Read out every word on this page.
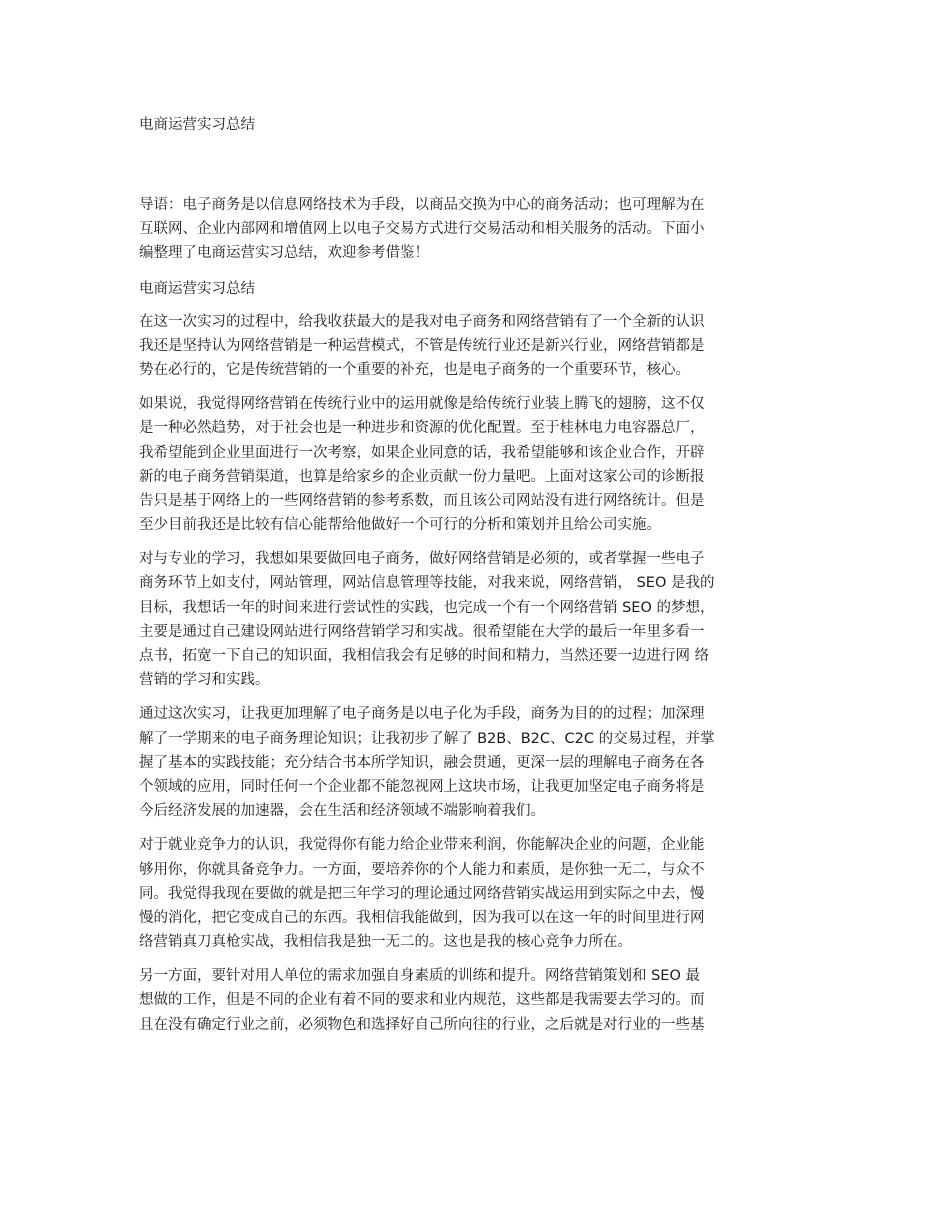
电商运营实习总结
导语：电子商务是以信息网络技术为手段，以商品交换为中心的商务活动；也可理解为在
互联网、企业内部网和增值网上以电子交易方式进行交易活动和相关服务的活动。下面小
编整理了电商运营实习总结，欢迎参考借鉴！
电商运营实习总结
在这一次实习的过程中，给我收获最大的是我对电子商务和网络营销有了一个全新的认识
我还是坚持认为网络营销是一种运营模式，不管是传统行业还是新兴行业，网络营销都是
势在必行的，它是传统营销的一个重要的补充，也是电子商务的一个重要环节，核心。
如果说，我觉得网络营销在传统行业中的运用就像是给传统行业装上腾飞的翅膀，这不仅
是一种必然趋势，对于社会也是一种进步和资源的优化配置。至于桂林电力电容器总厂，
我希望能到企业里面进行一次考察，如果企业同意的话，我希望能够和该企业合作，开辟
新的电子商务营销渠道，也算是给家乡的企业贡献一份力量吧。上面对这家公司的诊断报
告只是基于网络上的一些网络营销的参考系数，而且该公司网站没有进行网络统计。但是
至少目前我还是比较有信心能帮给他做好一个可行的分析和策划并且给公司实施。
对与专业的学习，我想如果要做回电子商务，做好网络营销是必须的，或者掌握一些电子
商务环节上如支付，网站管理，网站信息管理等技能，对我来说，网络营销， SEO 是我的
目标，我想话一年的时间来进行尝试性的实践，也完成一个有一个网络营销 SEO 的梦想，
主要是通过自己建设网站进行网络营销学习和实战。很希望能在大学的最后一年里多看一
点书，拓宽一下自己的知识面，我相信我会有足够的时间和精力，当然还要一边进行网 络
营销的学习和实践。
通过这次实习，让我更加理解了电子商务是以电子化为手段，商务为目的的过程；加深理
解了一学期来的电子商务理论知识；让我初步了解了 B2B、B2C、C2C 的交易过程，并掌
握了基本的实践技能；充分结合书本所学知识，融会贯通，更深一层的理解电子商务在各
个领域的应用，同时任何一个企业都不能忽视网上这块市场，让我更加坚定电子商务将是
今后经济发展的加速器，会在生活和经济领域不端影响着我们。
对于就业竞争力的认识，我觉得你有能力给企业带来利润，你能解决企业的问题，企业能
够用你，你就具备竞争力。一方面，要培养你的个人能力和素质，是你独一无二，与众不
同。我觉得我现在要做的就是把三年学习的理论通过网络营销实战运用到实际之中去，慢
慢的消化，把它变成自己的东西。我相信我能做到，因为我可以在这一年的时间里进行网
络营销真刀真枪实战，我相信我是独一无二的。这也是我的核心竞争力所在。
另一方面，要针对用人单位的需求加强自身素质的训练和提升。网络营销策划和 SEO 最
想做的工作，但是不同的企业有着不同的要求和业内规范，这些都是我需要去学习的。而
且在没有确定行业之前，必须物色和选择好自己所向往的行业，之后就是对行业的一些基
